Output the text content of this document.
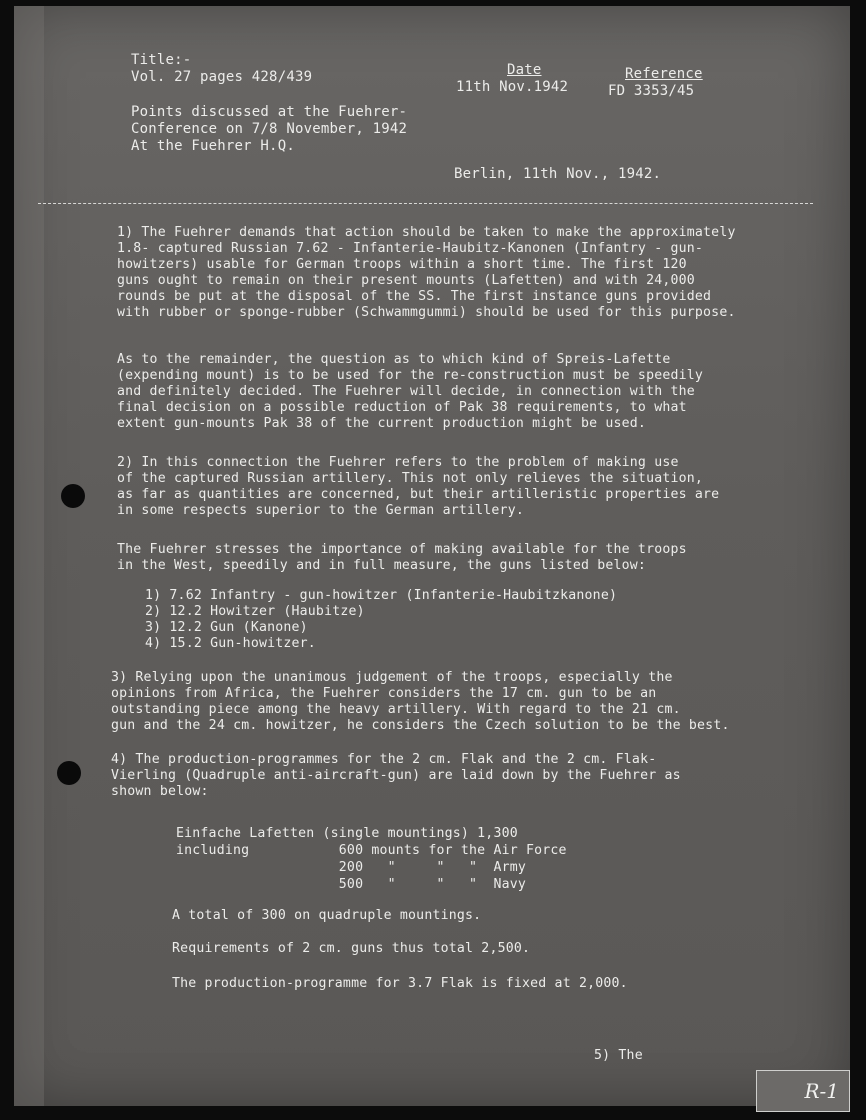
Title:-
Vol. 27 pages 428/439	Date
11th Nov.1942
Reference
FD 3353/45
Points discussed at the Fuehrer-
Conference on 7/8 November, 1942
At the Fuehrer H.Q.
Berlin, 11th Nov., 1942.
1) The Fuehrer demands that action should be taken to make the approximately
1.8- captured Russian 7.62 - Infanterie-Haubitz-Kanonen (Infantry - gun-
howitzers) usable for German troops within a short time. The first 120
guns ought to remain on their present mounts (Lafetten) and with 24,000
rounds be put at the disposal of the SS. The first instance guns provided
with rubber or sponge-rubber (Schwammgummi) should be used for this purpose.
As to the remainder, the question as to which kind of Spreis-Lafette
(expending mount) is to be used for the re-construction must be speedily
and definitely decided. The Fuehrer will decide, in connection with the
final decision on a possible reduction of Pak 38 requirements, to what
extent gun-mounts Pak 38 of the current production might be used.
2) In this connection the Fuehrer refers to the problem of making use
of the captured Russian artillery. This not only relieves the situation,
as far as quantities are concerned, but their artilleristic properties are
in some respects superior to the German artillery.
The Fuehrer stresses the importance of making available for the troops
in the West, speedily and in full measure, the guns listed below:
1) 7.62 Infantry - gun-howitzer (Infanterie-Haubitzkanone)
2) 12.2 Howitzer (Haubitze)
3) 12.2 Gun (Kanone)
4) 15.2 Gun-howitzer.
3) Relying upon the unanimous judgement of the troops, especially the
opinions from Africa, the Fuehrer considers the 17 cm. gun to be an
outstanding piece among the heavy artillery. With regard to the 21 cm.
gun and the 24 cm. howitzer, he considers the Czech solution to be the best.
4) The production-programmes for the 2 cm. Flak and the 2 cm. Flak-
Vierling (Quadruple anti-aircraft-gun) are laid down by the Fuehrer as
shown below:

Einfache Lafetten (single mountings) 1,300

including           600 mounts for the Air Force

200   "     "   "  Army

500   "     "   "  Navy

A total of 300 on quadruple mountings.
Requirements of 2 cm. guns thus total 2,500.
The production-programme for 3.7 Flak is fixed at 2,000.
5) The
R-1
